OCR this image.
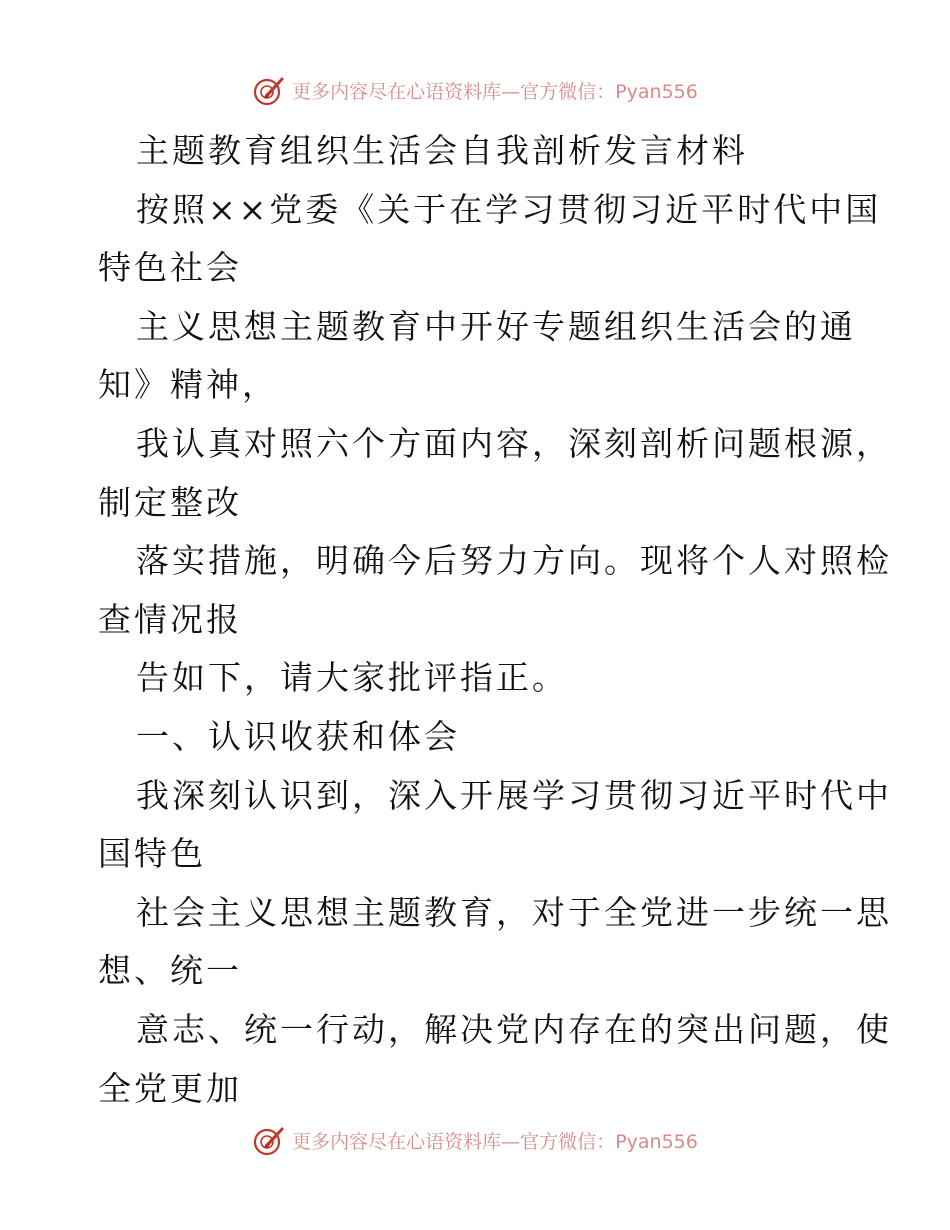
更多内容尽在心语资料库—官方微信：Pyan556
主题教育组织生活会自我剖析发言材料
按照××党委《关于在学习贯彻习近平时代中国
特色社会
主义思想主题教育中开好专题组织生活会的通
知》精神，
我认真对照六个方面内容，深刻剖析问题根源，
制定整改
落实措施，明确今后努力方向。现将个人对照检
查情况报
告如下，请大家批评指正。
一、认识收获和体会
我深刻认识到，深入开展学习贯彻习近平时代中
国特色
社会主义思想主题教育，对于全党进一步统一思
想、统一
意志、统一行动，解决党内存在的突出问题，使
全党更加
更多内容尽在心语资料库—官方微信：Pyan556
